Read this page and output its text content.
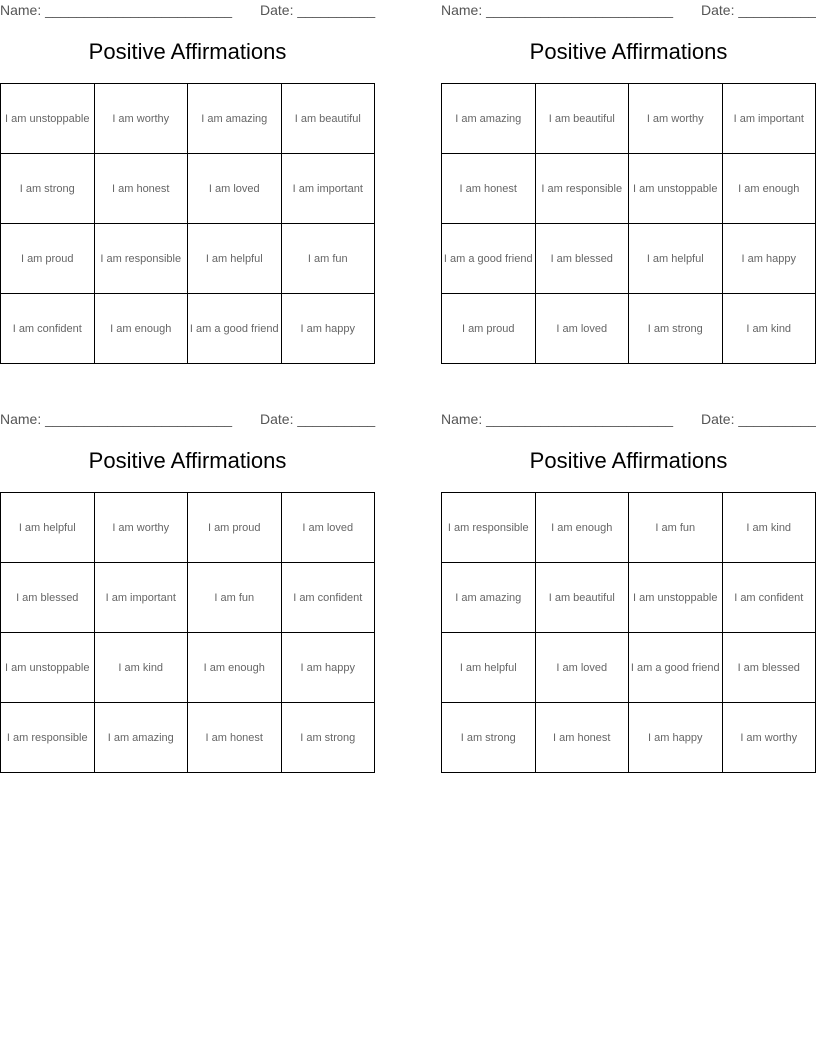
Name: ________________________ Date: __________
Positive Affirmations
I am unstoppable	I am worthy	I am amazing	I am beautiful
I am strong	I am honest	I am loved	I am important
I am proud	I am responsible	I am helpful	I am fun
I am confident	I am enough	I am a good friend	I am happy
Name: ________________________ Date: __________
Positive Affirmations
I am amazing	I am beautiful	I am worthy	I am important
I am honest	I am responsible	I am unstoppable	I am enough
I am a good friend	I am blessed	I am helpful	I am happy
I am proud	I am loved	I am strong	I am kind
Name: ________________________ Date: __________
Positive Affirmations
I am helpful	I am worthy	I am proud	I am loved
I am blessed	I am important	I am fun	I am confident
I am unstoppable	I am kind	I am enough	I am happy
I am responsible	I am amazing	I am honest	I am strong
Name: ________________________ Date: __________
Positive Affirmations
I am responsible	I am enough	I am fun	I am kind
I am amazing	I am beautiful	I am unstoppable	I am confident
I am helpful	I am loved	I am a good friend	I am blessed
I am strong	I am honest	I am happy	I am worthy
